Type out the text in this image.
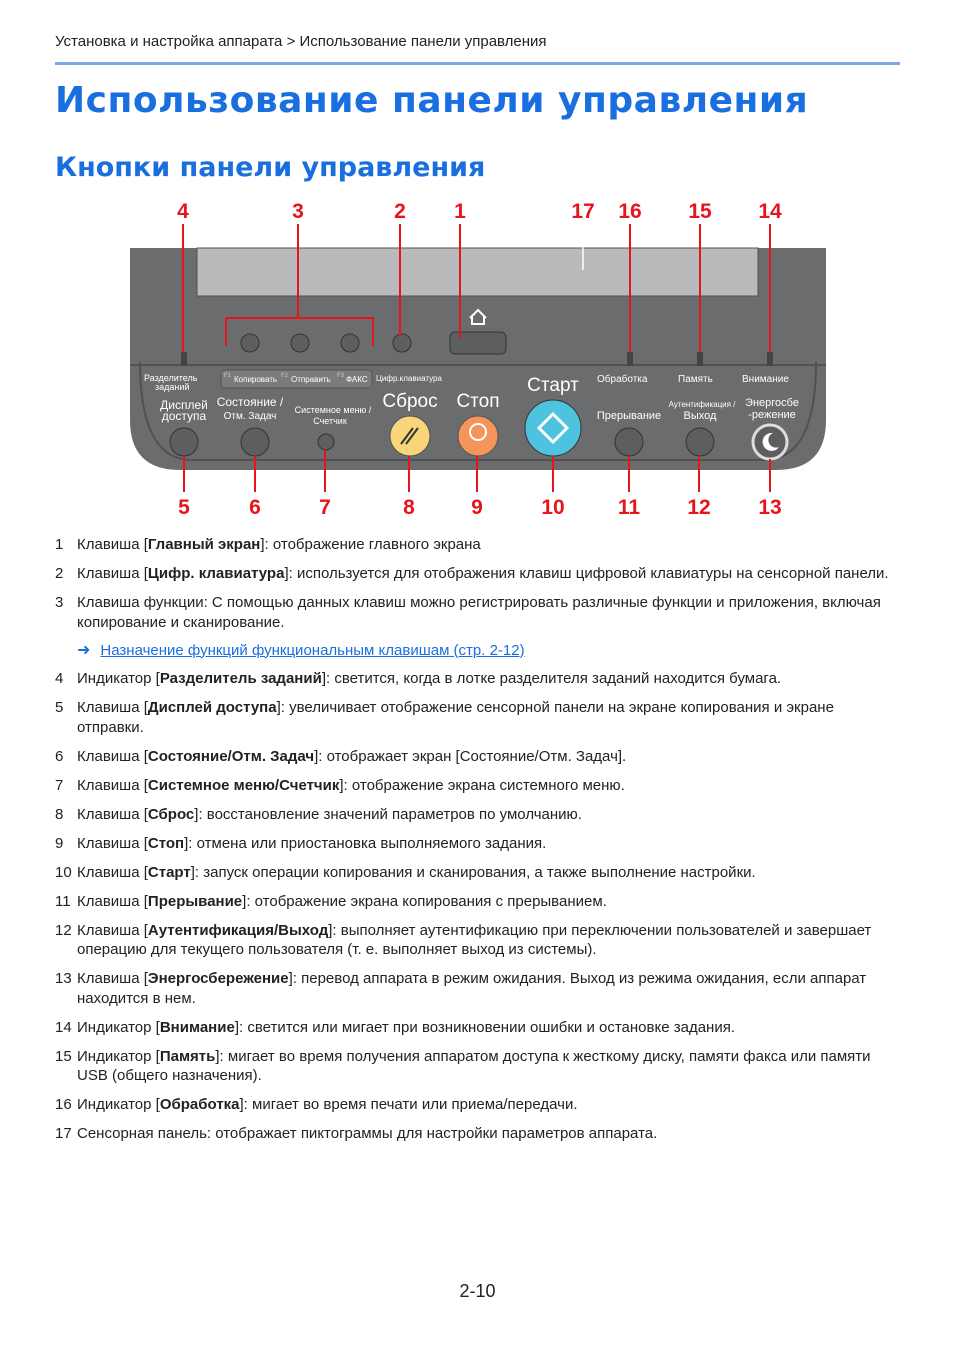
Установка и настройка аппарата > Использование панели управления
Использование панели управления
Кнопки панели управления
Разделитель
заданий
Копировать Отправить ФАКС Цифр.клавиатура
Дисплей
доступа
Состояние /
Отм. Задач
Системное меню /
Счетчик
Сброс Стоп
Старт Обработка	Память	Внимание
Прерывание
Аутентификация /
Выход
Энергосбе
-режение
4	3	2 1	17 16 15 14
5	6	7	8	9	10	11 12 13
F1	F2	F3
1 Клавиша [Главный экран]: отображение главного экрана
2 Клавиша [Цифр. клавиатура]: используется для отображения клавиш цифровой клавиатуры на сенсорной панели.
3 Клавиша функции: С помощью данных клавиш можно регистрировать различные функции и приложения, включая копирование и сканирование.
➜ Назначение функций функциональным клавишам (стр. 2-12)
4 Индикатор [Разделитель заданий]: светится, когда в лотке разделителя заданий находится бумага.
5 Клавиша [Дисплей доступа]: увеличивает отображение сенсорной панели на экране копирования и экране отправки.
6 Клавиша [Состояние/Отм. Задач]: отображает экран [Состояние/Отм. Задач].
7 Клавиша [Системное меню/Счетчик]: отображение экрана системного меню.
8 Клавиша [Сброс]: восстановление значений параметров по умолчанию.
9 Клавиша [Стоп]: отмена или приостановка выполняемого задания.
10 Клавиша [Старт]: запуск операции копирования и сканирования, а также выполнение настройки.
11 Клавиша [Прерывание]: отображение экрана копирования с прерыванием.
12 Клавиша [Аутентификация/Выход]: выполняет аутентификацию при переключении пользователей и завершает операцию для текущего пользователя (т. е. выполняет выход из системы).
13 Клавиша [Энергосбережение]: перевод аппарата в режим ожидания. Выход из режима ожидания, если аппарат находится в нем.
14 Индикатор [Внимание]: светится или мигает при возникновении ошибки и остановке задания.
15 Индикатор [Память]: мигает во время получения аппаратом доступа к жесткому диску, памяти факса или памяти USB (общего назначения).
16 Индикатор [Обработка]: мигает во время печати или приема/передачи.
17 Сенсорная панель: отображает пиктограммы для настройки параметров аппарата.
2-10
